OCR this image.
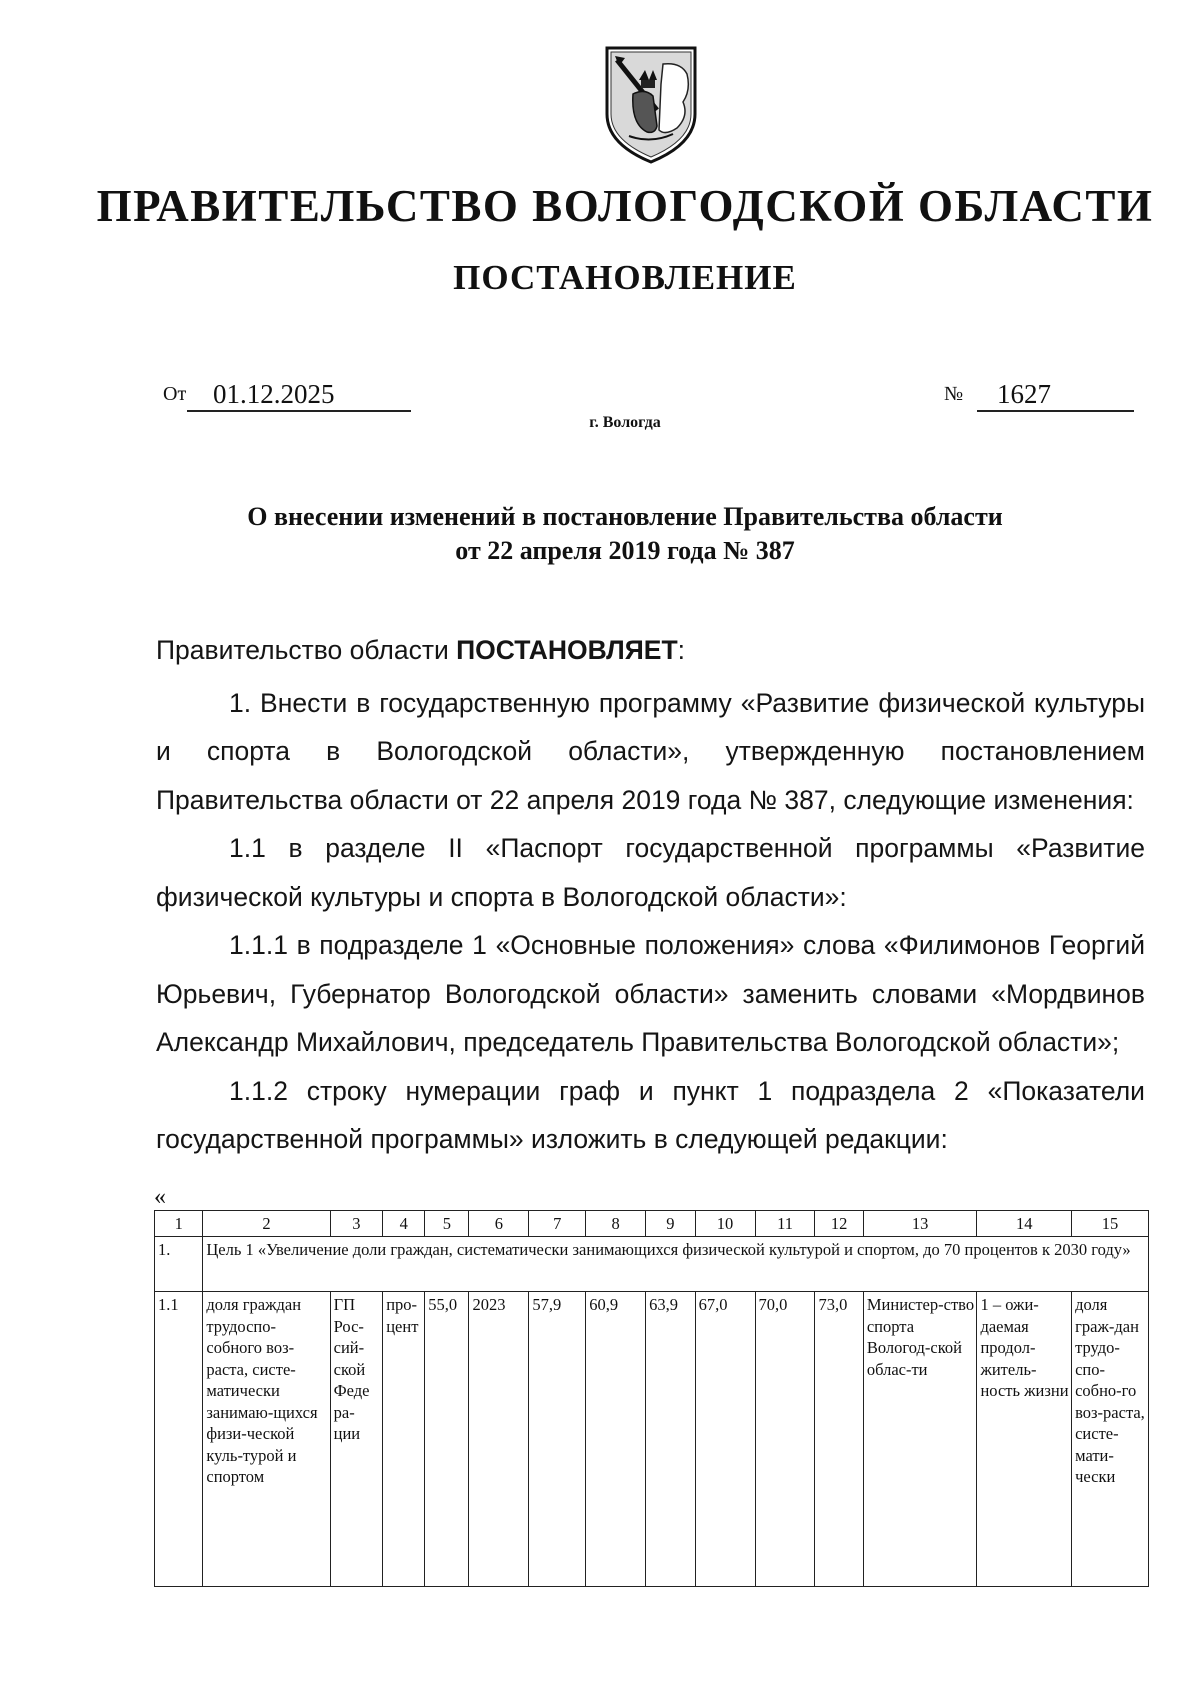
ПРАВИТЕЛЬСТВО ВОЛОГОДСКОЙ ОБЛАСТИ
ПОСТАНОВЛЕНИЕ
От 01.12.2025	№	1627
г. Вологда
О внесении изменений в постановление Правительства области
от 22 апреля 2019 года № 387

Правительство области ПОСТАНОВЛЯЕТ:

1. Внести в государственную программу «Развитие физической культуры и спорта в Вологодской области», утвержденную постановлением Правительства области от 22 апреля 2019 года № 387, следующие изменения:

1.1 в разделе II «Паспорт государственной программы «Развитие физической культуры и спорта в Вологодской области»:

1.1.1 в подразделе 1 «Основные положения» слова «Филимонов Георгий Юрьевич, Губернатор Вологодской области» заменить словами «Мордвинов Александр Михайлович, председатель Правительства Вологодской области»;

1.1.2 строку нумерации граф и пункт 1 подраздела 2 «Показатели государственной программы» изложить в следующей редакции:

«
1	2	3	4	5	6	7	8	9	10	11	12	13	14	15
1.	Цель 1 «Увеличение доли граждан, систематически занимающихся физической культурой и спортом, до 70 процентов к 2030 году»													
1.1	доля граждан трудоспо-собного воз-раста, систе-матически занимаю-щихся физи-ческой куль-турой и спортом	ГП Рос-сий-ской Феде ра-ции	про-цент	55,0	2023	57,9	60,9	63,9	67,0	70,0	73,0	Министер-ство спорта Вологод-ской облас-ти	1 – ожи-даемая продол-житель-ность жизни	доля граж-дан трудо-спо-собно-го воз-раста, систе-мати-чески
